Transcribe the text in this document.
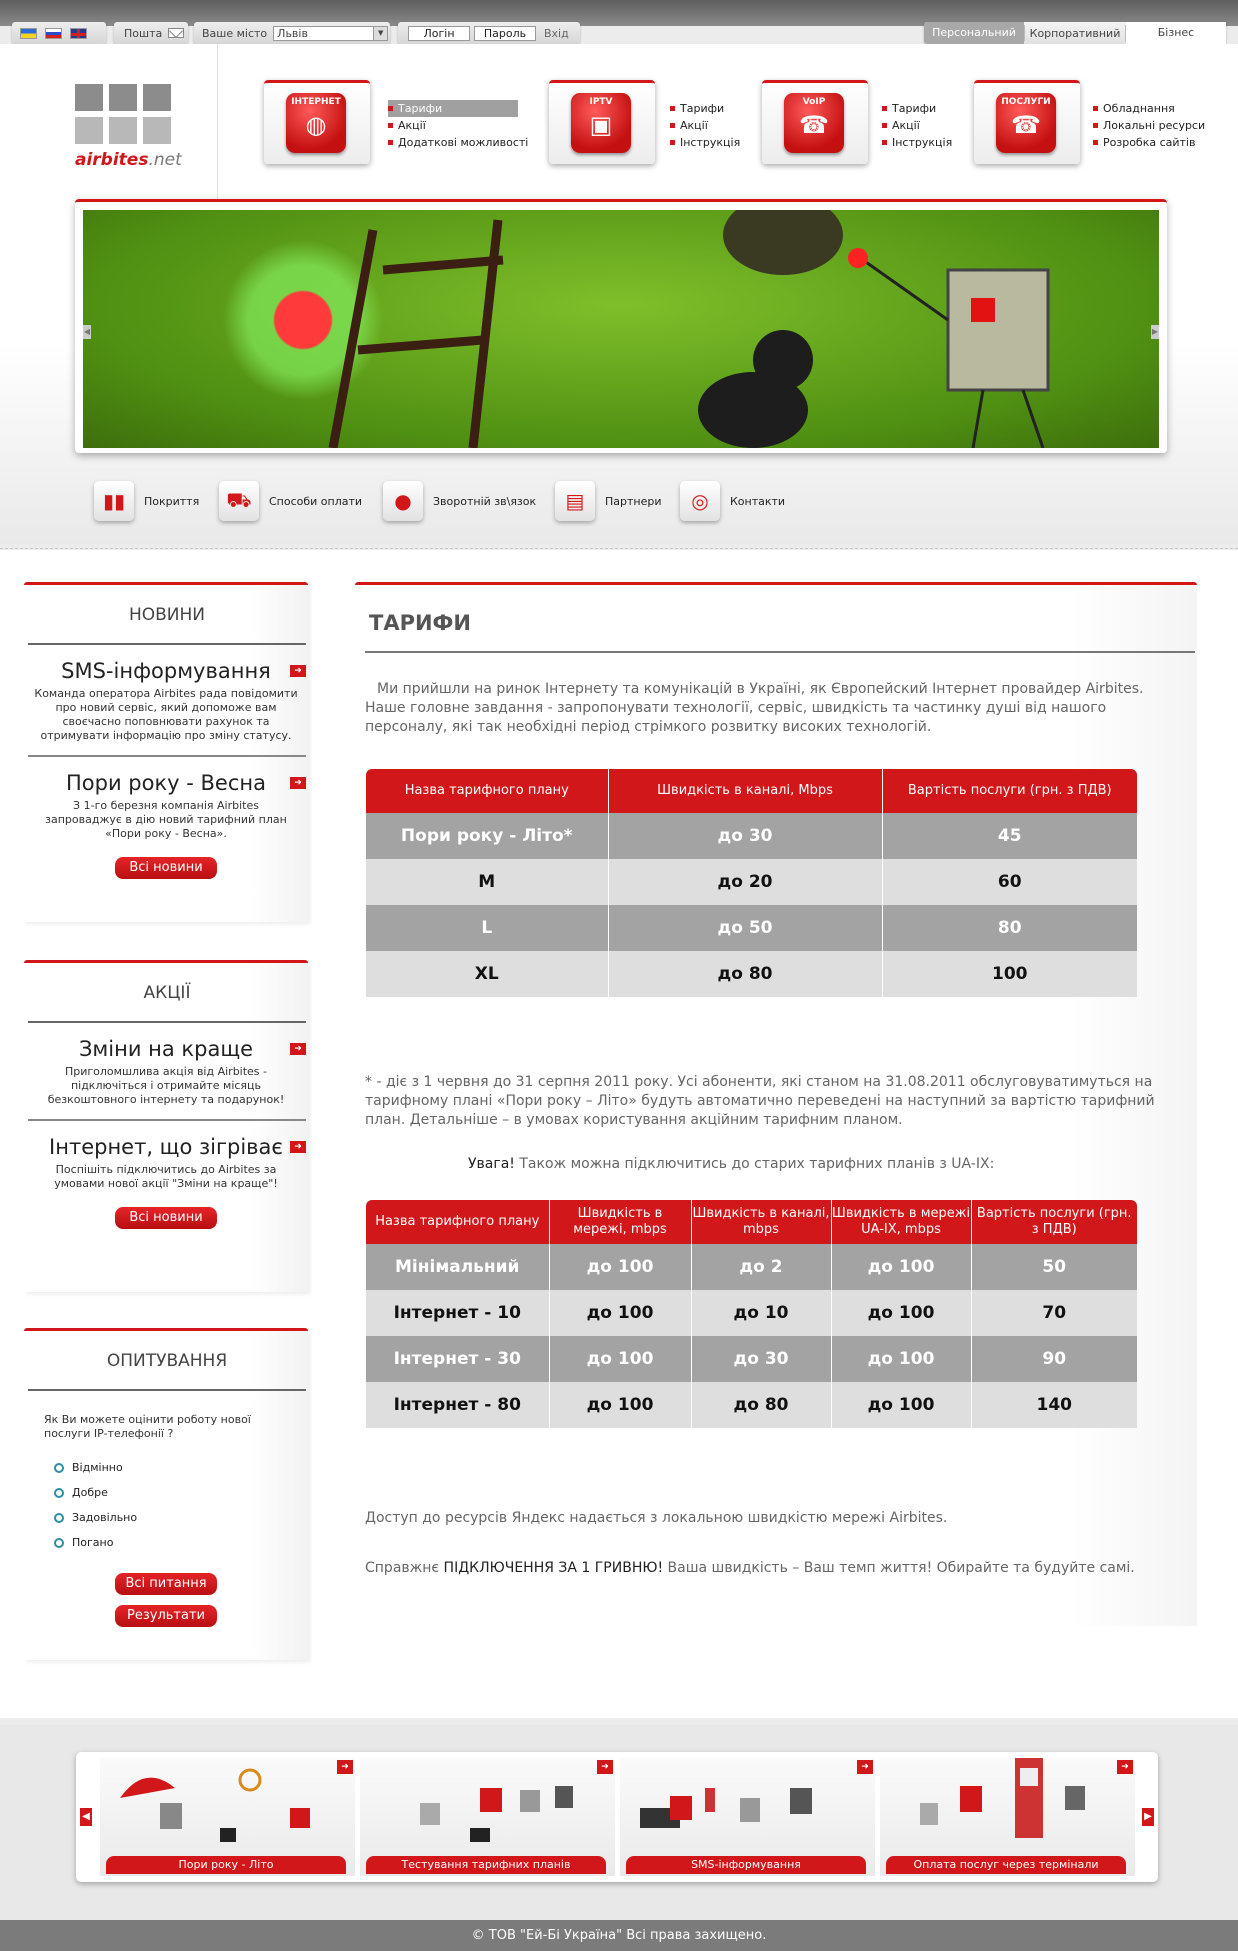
Пошта	Ваше місто Львів	▼	Логін	Пароль	Вхід	Персональний	Корпоративний	Бізнес
airbites.net
ІНТЕРНЕТ
◍
Тарифи
Акції
Додаткові можливості
IPTV
▣
Тарифи
Акції
Інструкція
VoIP
☎
Тарифи
Акції
Інструкція
ПОСЛУГИ
☎
Обладнання
Локальні ресурси
Розробка сайтів
◀	▶
▮▮	Покриття	⛟	Способи оплати	●	Зворотній зв\язок	▤	Партнери	◎	Контакти
НОВИНИ
SMS-інформування	➜
Команда оператора Airbites рада повідомити про новий сервіс, який допоможе вам своєчасно поповнювати рахунок та отримувати інформацію про зміну статусу.
Пори року - Весна	➜
З 1-го березня компанія Airbites запроваджує в дію новий тарифний план «Пори року - Весна».
Всі новини
АКЦІЇ
Зміни на краще	➜
Приголомшлива акція від Airbites - підключіться і отримайте місяць безкоштовного інтернету та подарунок!
Інтернет, що зігріває	➜
Поспішіть підключитись до Airbites за умовами нової акції "Зміни на краще"!
Всі новини
ОПИТУВАННЯ
Як Ви можете оцінити роботу нової послуги IP-телефонії ?
Відмінно
Добре
Задовільно
Погано
Всі питання
Результати
ТАРИФИ
Ми прийшли на ринок Інтернету та комунікацій в Україні, як Європейский Інтернет провайдер Airbites. Наше головне завдання - запропонувати технології, сервіс, швидкість та частинку душі від нашого персоналу, які так необхідні період стрімкого розвитку високих технологій.
Назва тарифного плану	Швидкість в каналі, Mbps	Вартість послуги (грн. з ПДВ)
Пори року - Літо*	до 30	45
M	до 20	60
L	до 50	80
XL	до 80	100
* - діє з 1 червня до 31 серпня 2011 року. Усі абоненти, які станом на 31.08.2011 обслуговуватимуться на тарифному плані «Пори року – Літо» будуть автоматично переведені на наступний за вартістю тарифний план. Детальніше – в умовах користування акційним тарифним планом.
Увага! Також можна підключитись до старих тарифних планів з UA-IX:
Назва тарифного плану	Швидкість в мережі, mbps	Швидкість в каналі, mbps	Швидкість в мережі UA-IX, mbps	Вартість послуги (грн. з ПДВ)
Мінімальний	до 100	до 2	до 100	50
Інтернет - 10	до 100	до 10	до 100	70
Інтернет - 30	до 100	до 30	до 100	90
Інтернет - 80	до 100	до 80	до 100	140
Доступ до ресурсів Яндекс надається з локальною швидкістю мережі Airbites.
Справжнє ПІДКЛЮЧЕННЯ ЗА 1 ГРИВНЮ! Ваша швидкість – Ваш темп життя! Обирайте та будуйте самі.
◀
➜
Пори року - Літо
➜
Тестування тарифних планів
➜
SMS-інформування
➜
Оплата послуг через термінали
▶
© ТОВ "Ей-Бі Україна" Всі права захищено.
